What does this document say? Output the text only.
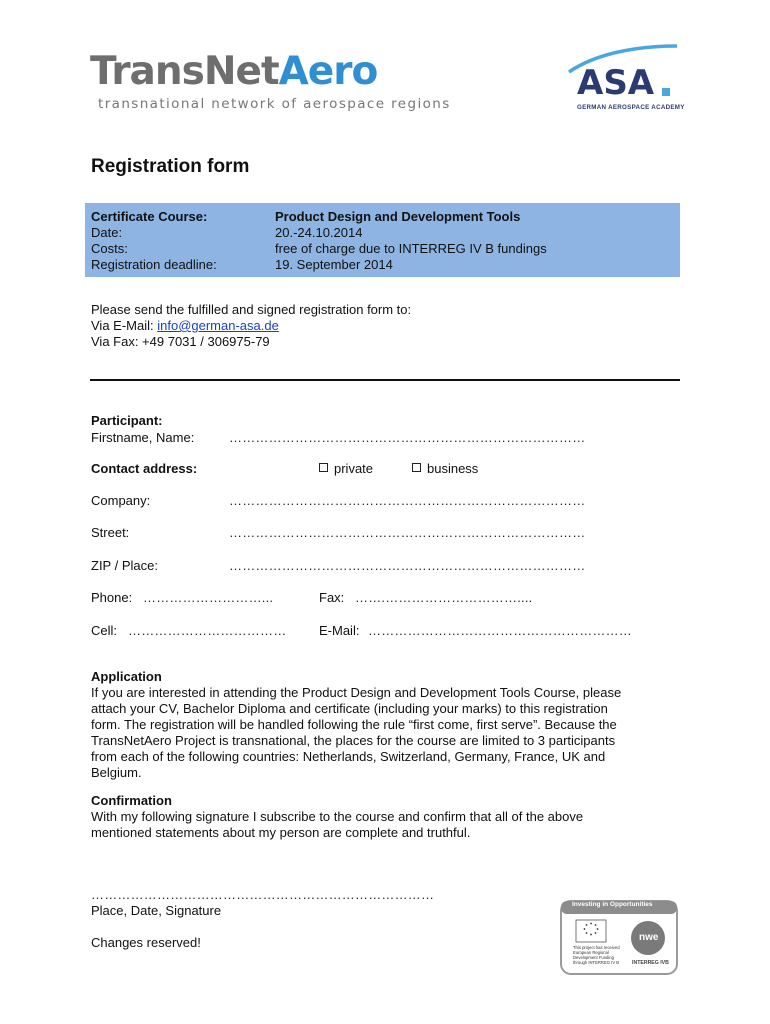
TransNetAero
transnational network of aerospace regions
ASA
GERMAN AEROSPACE ACADEMY
Registration form
Certificate Course:	Product Design and Development Tools
Date:	20.-24.10.2014
Costs:	free of charge due to INTERREG IV B fundings
Registration deadline:	19. September 2014
Please send the fulfilled and signed registration form to:
Via E-Mail: info@german-asa.de
Via Fax: +49 7031 / 306975-79
Participant:
Firstname, Name:	………………………………………………………………………
Contact address:	private	business
Company:	………………………………………………………………………
Street:	………………………………………………………………………
ZIP / Place:	………………………………………………………………………
Phone: ………………………...	Fax: …….…………………………....
Cell: ………………………………	E-Mail: ……………………………………………………
Application
If you are interested in attending the Product Design and Development Tools Course, please
attach your CV, Bachelor Diploma and certificate (including your marks) to this registration
form. The registration will be handled following the rule “first come, first serve”. Because the
TransNetAero Project is transnational, the places for the course are limited to 3 participants
from each of the following countries: Netherlands, Switzerland, Germany, France, UK and
Belgium.
Confirmation
With my following signature I subscribe to the course and confirm that all of the above
mentioned statements about my person are complete and truthful.
……………………………………………………………………
Place, Date, Signature
Changes reserved!
Investing in Opportunities
This project has received
European Regional
Development Funding
through INTERREG IV B
nwe
INTERREG IVB
